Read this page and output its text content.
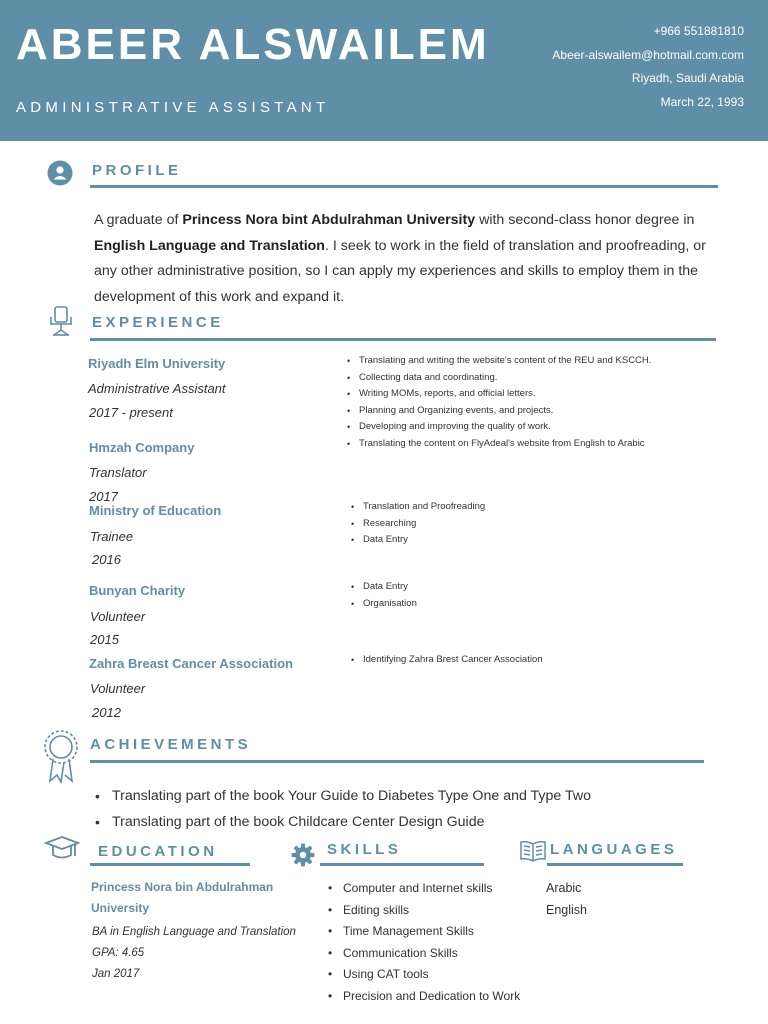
ABEER ALSWAILEM
ADMINISTRATIVE ASSISTANT
+966 551881810
Abeer-alswailem@hotmail.com.com
Riyadh, Saudi Arabia
March 22, 1993
PROFILE
A graduate of Princess Nora bint Abdulrahman University with second-class honor degree in English Language and Translation. I seek to work in the field of translation and proofreading, or any other administrative position, so I can apply my experiences and skills to employ them in the development of this work and expand it.
EXPERIENCE
Riyadh Elm University
Administrative Assistant
2017 - present
• Translating and writing the website's content of the REU and KSCCH.
• Collecting data and coordinating.
• Writing MOMs, reports, and official letters.
• Planning and Organizing events, and projects.
• Developing and improving the quality of work.
• Translating the content on FlyAdeal's website from English to Arabic
Hmzah Company
Translator
2017
Ministry of Education
Trainee
2016
• Translation and Proofreading
• Researching
• Data Entry
Bunyan Charity
Volunteer
2015
• Data Entry
• Organisation
Zahra Breast Cancer Association
Volunteer
2012
• Identifying Zahra Brest Cancer Association
ACHIEVEMENTS
• Translating part of the book Your Guide to Diabetes Type One and Type Two
• Translating part of the book Childcare Center Design Guide
EDUCATION
Princess Nora bin Abdulrahman University
BA in English Language and Translation
GPA: 4.65
Jan 2017
SKILLS
• Computer and Internet skills
• Editing skills
• Time Management Skills
• Communication Skills
• Using CAT tools
• Precision and Dedication to Work
LANGUAGES
Arabic
English
